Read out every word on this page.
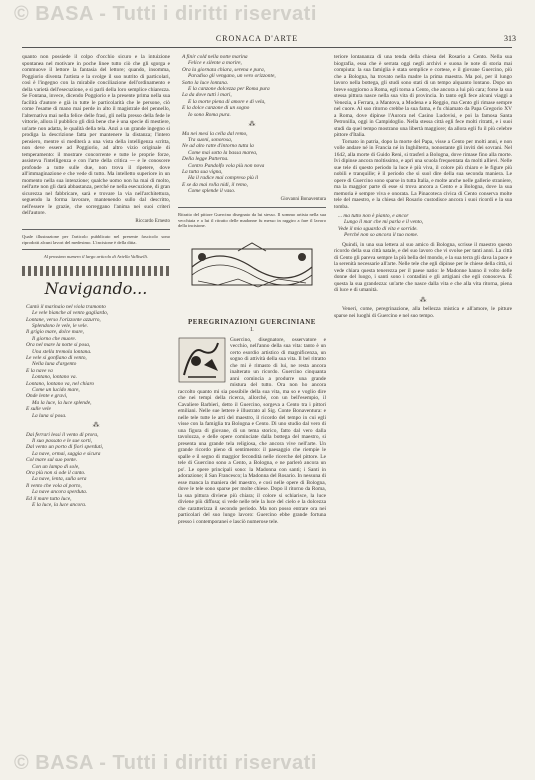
© BASA - Tutti i diritti riservati
CRONACA D'ARTE	313

quanto non possiede il colpo d'occhio sicuro e la intuizione spontanea nel motivare in poche linee tutto ciò che gli sgorga e commuove il lettore la fantasia del lettore; quando, insomma, Poggiorio diventa l'artista e la svolge il suo nutrito di particolari, così è l'ingegno con la mirabile conciliazione dell'ordinamento e della varietà dell'esecuzione, e si parli della loro semplice chiarezza. Se Fontana, invece, dicendo Poggiorio e la presente prima nella sua facilità d'autore e già in tutte le particolarità che le persone, ciò come l'esame di mano mai perde in alto il magistrale del pennello, l'alternativa mai nella felice delle frasi, gli nella presso della fede le vittorie, allora il pubblico gli dirà bene che è una specie di mestiere, un'arte non adatta, le qualità della tela. Anzi a un grande ingegno si prodiga la descrizione fatta per mantenere la distanza; l'intero pensiero, mentre si mediterà a una vista della intelligenza scritta, non deve essere ad Poggiorio, ad altro vizio originale di temperamento: il mostrare concorrente e tutte le proprie forze, assisteva l'intelligenza e con l'arte della critica — e le conoscere profonde a tutte sulle due, non trova il ripetere, dove all'immaginazione e che vede di tutto. Ma intelletto superiore in un momento nella sua intenzione; qualche uomo non ha mai di molto, nell'arte non gli darà abbastanza, perché ne nella esecuzione, di gran sicurezza nel fabbricare, sarà e trovare la via nell'architettura, seguendo la forma lavorare, mantenendo sullo dal descritto, nell'essere le grazie, che sorreggano l'anima nei suoi criteri dell'autore.

Riccardo Ernesto

Quale illustrazione per l'articolo pubblicato nel presente fascicolo sono riprodotti alcuni lavori del medesimo. L'incisione è della ditta.

Al prossimo numero il largo articolo di Ariella Valliselli.

Navigando...
Cantò il marinaio nel viola tramonto
Le vele bianche al vento gagliardo,
Lontane, verso l'orizzonte azzurro,
Splendono le vele, le vele.
Il grigio mare, dolce mare,
Il giorno che muore.
Ora nel mare la notte si posa,
Una stella tremola lontana.
Le vele si gonfiano di vento,
Nella luna d'argento
E la nave va
Lontano, lontano va.
Lontano, lontano va, nel chiaro
Come un lucido mare,
Onde lente e gravi,
Ma la luce, la luce splende,
E sulle vele
La luna si posa.
⁂
Dai ferrari lessi il vento di prora,
Il suo passato e le sue sorti,
Dal vento un porto di fiori sperduti,
La nave, ormai, saggia e sicura
Col mare sul suo ponte.
Con un lampo di sole,
Ora più non si ode il canto.
La nave, lenta, sulla sera
Il vento che vola al porto,
La nave ancora sperduta.
Ed il mare tutto luce,
E la luce, la luce ancora.
A finir cold nella notte marina
Felice e silente a morire,
Ora la giornata chiara, serena e pura,
Paradiso gli vengano, un vero orizzonte,
Sotto la luce lontana.
E la canzone dolcezza per Roma pura
La da dove tutti i mari,
E la morte piena di amore e di vela,
E la dolce canzone di un sogno
Io sono Roma pura.
⁂
Ma nei mesi la cella dal remo,
Tra suoni, sonorosa,
Ne ad alto ratte d'intorno tutta la
Come mai sotto la bassa marea,
Della legge Patterna.
Contro Pandolfo vola più non nova
La tutta sua vigna,
Ha il radice mai compreso più il
E se da mai rolla nidi, il remo,
Come splende il vaso.
Giovanni Bonaventura

Ritratto del pittore Guercino disegnato da lui stesso. Il sommo artista nella sua vecchiaia e a lui il ritratto delle madonne fu messo in raggiro a fare il lavoro della incisione.

PEREGRINAZIONI GUERCINIANE
I.

Guercino, disegnatore, osservatore e vecchio, nell'anno della sua vita: tanto è un certo esordio artistico di magnificenza, un sogno di attività della sua vita. Il bel ritratto che mi è rimasto di lui, ne resta ancora inalterato un ricordo. Guercino cinquanta anni comincia a produrre una grande mistura del tutto. Ora non ho ancora raccolto quanto mi sia possibile della sua vita, ma so e voglio dire che nei tempi della ricerca, allorché, con un bell'esempio, il Cavaliere Barbieri, detto il Guercino, sorgeva a Cento tra i pittori emiliani. Nelle sue lettere è illustrato al Sig. Conte Bonaventura: e nelle tele tutte le arti del maestro, il ricordo del tempo in cui egli visse con la famiglia tra Bologna e Cento. Di uno studio dal vero di una figura di giovane, di un tema storico, fatto dal vero dalla tavolozza, e delle opere cominciate dalla bottega del maestro, si presenta una grande tela religiosa, che ancora vive nell'arte. Un grande ricordo pieno di sentimento: il paesaggio che riempie le spalle e il segno di maggior fecondità nelle ricerche del pittore. Le tele di Guercino sono a Cento, a Bologna, e ne parlerò ancora un po'. Le opere principali sono: la Madonna con santi; i Santi in adorazione; il San Francesco; la Madonna del Rosario. In nessuna di esse manca la maniera del maestro, e così nelle opere di Bologna, dove le tele sono sparse per molte chiese. Dopo il ritorno da Roma, la sua pittura diviene più chiara; il colore si schiarisce, la luce diviene più diffusa; si vede nelle tele la luce del cielo e la dolcezza che caratterizza il secondo periodo. Ma non posso entrare ora nei particolari del suo lungo lavoro: Guercino ebbe grande fortuna presso i contemporanei e lasciò numerose tele.

teriore lontananza di una tenda della chiesa del Rosario a Cento. Nella sua biografia, essa che è serrata oggi negli archivi e suona le note di storia mai compiuta: la sua famiglia è stata semplice e cortese, e il giovane Guercino, più che a Bologna, ha trovato nella madre la prima maestra. Ma poi, per il lungo lavoro nella bottega, gli studi sono stati di un tempo alquanto lontano. Dopo un breve soggiorno a Roma, egli torna a Cento, che ancora a lui più cara; forse la sua stessa pittura nasce nella sua vita di provincia. In tanto egli fece alcuni viaggi a Venezia, a Ferrara, a Mantova, a Modena e a Reggio, ma Cento gli rimase sempre nel cuore. Al suo ritorno crebbe la sua fama, e fu chiamato da Papa Gregorio XV a Roma, dove dipinse l'Aurora nel Casino Ludovisi, e poi la famosa Santa Petronilla, oggi in Campidoglio. Nella stessa città egli fece molti ritratti, e i suoi studi da quel tempo mostrano una libertà maggiore; da allora egli fu il più celebre pittore d'Italia.

Tornato in patria, dopo la morte del Papa, visse a Cento per molti anni, e non volle andare né in Francia né in Inghilterra, nonostante gli inviti dei sovrani. Nel 1642, alla morte di Guido Reni, si trasferì a Bologna, dove rimase fino alla morte. Ivi dipinse ancora moltissimo, e aprì una scuola frequentata da molti allievi. Nelle sue tele di questo periodo la luce è più viva, il colore più chiaro e le figure più nobili e tranquille; è il periodo che si suol dire della sua seconda maniera. Le opere di Guercino sono sparse in tutta Italia, e molte anche nelle gallerie straniere, ma la maggior parte di esse si trova ancora a Cento e a Bologna, dove la sua memoria è sempre viva e onorata. La Pinacoteca civica di Cento conserva molte tele del maestro, e la chiesa del Rosario custodisce ancora i suoi ricordi e la sua tomba.

... ma tutto non è pianto, e ancor
Lungo il mar che mi parla e il vento,
Vede il mio sguardo di vita e sorride.
Perché non so ancora il tuo nome.

Quindi, in una sua lettera al suo amico di Bologna, scrisse il maestro questo ricordo della sua città natale, e del suo lavoro che vi svolse per tanti anni. La città di Cento gli pareva sempre la più bella del mondo, e la sua terra gli dava la pace e la serenità necessarie all'arte. Nelle tele che egli dipinse per le chiese della città, si vede chiara questa tenerezza per il paese natio: le Madonne hanno il volto delle donne del luogo, i santi sono i contadini e gli artigiani che egli conosceva. È questa la sua grandezza: un'arte che nasce dalla vita e che alla vita ritorna, piena di luce e di umanità.

⁂

Veneri, come, peregrinazione, alla bellezza mistica e all'amore, le pitture sparse nei luoghi di Guercino e nel suo tempo.

© BASA - Tutti i diritti riservati
